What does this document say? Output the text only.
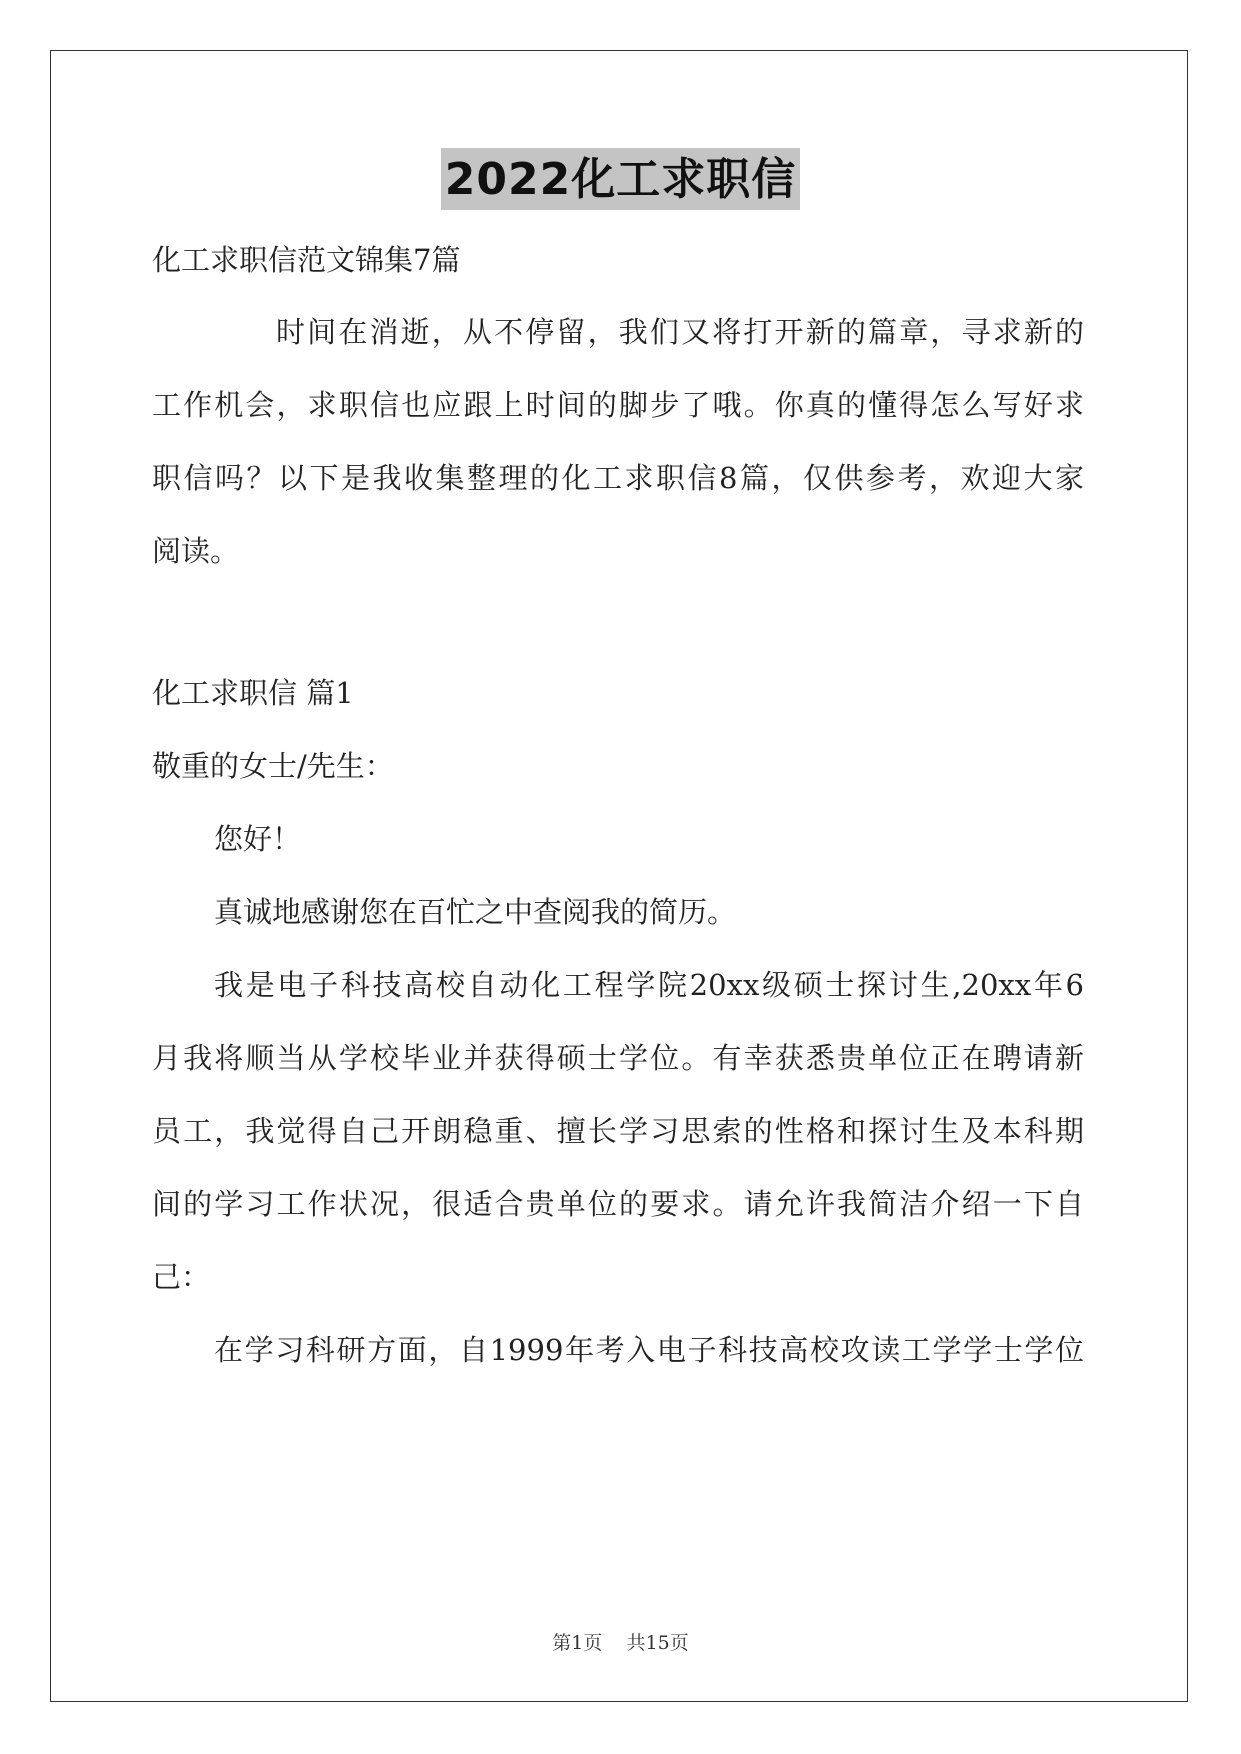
2022化工求职信
化工求职信范文锦集7篇
时间在消逝，从不停留，我们又将打开新的篇章，寻求新的
工作机会，求职信也应跟上时间的脚步了哦。你真的懂得怎么写好求
职信吗？以下是我收集整理的化工求职信8篇，仅供参考，欢迎大家
阅读。
化工求职信 篇1
敬重的女士/先生：
您好！
真诚地感谢您在百忙之中查阅我的简历。
我是电子科技高校自动化工程学院20xx级硕士探讨生,20xx年6
月我将顺当从学校毕业并获得硕士学位。有幸获悉贵单位正在聘请新
员工，我觉得自己开朗稳重、擅长学习思索的性格和探讨生及本科期
间的学习工作状况，很适合贵单位的要求。请允许我简洁介绍一下自
己：
在学习科研方面，自1999年考入电子科技高校攻读工学学士学位
第1页 共15页
